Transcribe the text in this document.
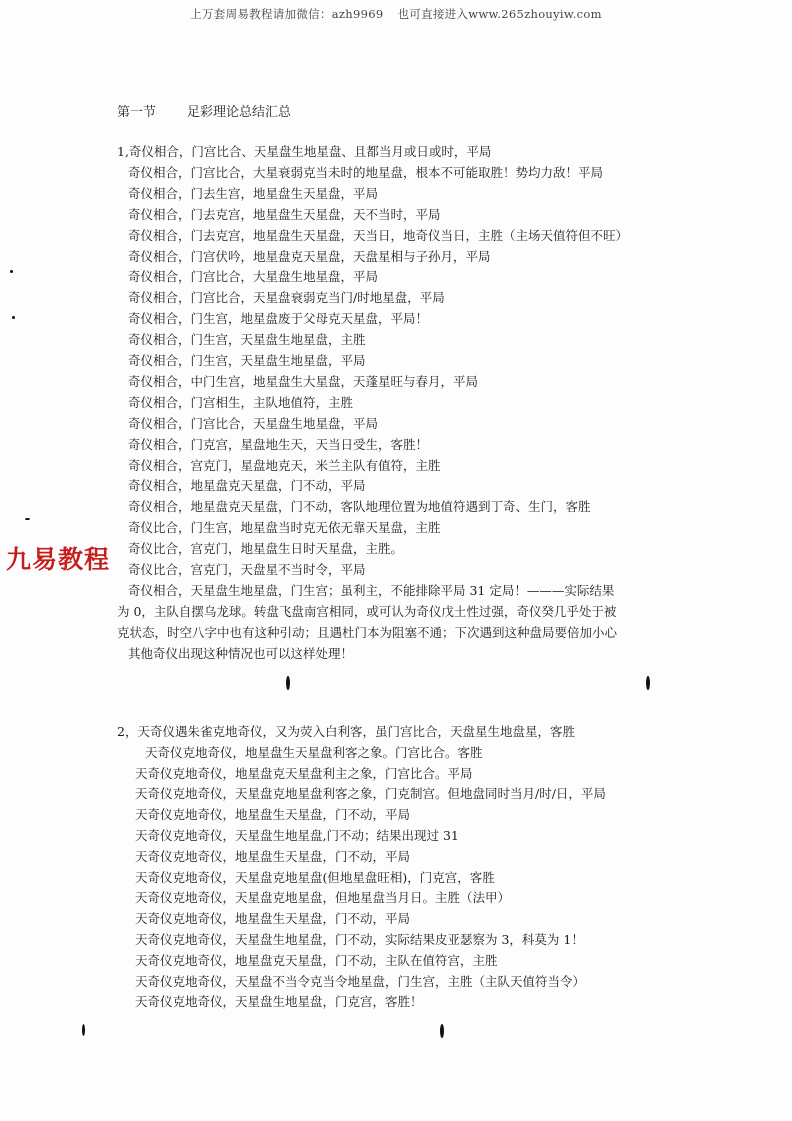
上万套周易教程请加微信：azh9969 也可直接进入www.265zhouyiw.com
第一节 足彩理论总结汇总
九易教程
1,奇仪相合，门宫比合、天星盘生地星盘、且都当月或日或时，平局
奇仪相合，门宫比合，大星衰弱克当未时的地星盘，根本不可能取胜！势均力敌！平局
奇仪相合，门去生宫，地星盘生天星盘，平局
奇仪相合，门去克宫，地星盘生天星盘，天不当时，平局
奇仪相合，门去克宫，地星盘生天星盘，天当日，地奇仪当日，主胜（主场天值符但不旺）
奇仪相合，门宫伏吟，地星盘克天星盘，天盘星相与子孙月，平局
奇仪相合，门宫比合，大星盘生地星盘，平局
奇仪相合，门宫比合，天星盘衰弱克当门/时地星盘，平局
奇仪相合，门生宫，地星盘废于父母克天星盘，平局！
奇仪相合，门生宫，天星盘生地星盘，主胜
奇仪相合，门生宫，天星盘生地星盘，平局
奇仪相合，中门生宫，地星盘生大星盘，天蓬星旺与春月，平局
奇仪相合，门宫相生，主队地值符，主胜
奇仪相合，门宫比合，天星盘生地星盘，平局
奇仪相合，门克宫，星盘地生天，天当日受生，客胜！
奇仪相合，宫克门，星盘地克天，米兰主队有值符，主胜
奇仪相合，地星盘克天星盘，门不动，平局
奇仪相合，地星盘克天星盘，门不动，客队地理位置为地值符遇到丁奇、生门，客胜
奇仪比合，门生宫，地星盘当时克无依无靠天星盘，主胜
奇仪比合，宫克门，地星盘生日时天星盘，主胜。
奇仪比合，宫克门，天盘星不当时令，平局
奇仪相合，天星盘生地星盘，门生宫；虽利主，不能排除平局 31 定局！———实际结果
为 0，主队自摆乌龙球。转盘飞盘南宫相同，或可认为奇仪戊土性过强，奇仪癸几乎处于被
克状态，时空八字中也有这种引动；且遇杜门本为阻塞不通；下次遇到这种盘局要倍加小心
其他奇仪出现这种情况也可以这样处理！
2，天奇仪遇朱雀克地奇仪，又为荧入白利客，虽门宫比合，天盘星生地盘星，客胜
天奇仪克地奇仪，地星盘生天星盘利客之象。门宫比合。客胜
天奇仪克地奇仪，地星盘克天星盘利主之象，门宫比合。平局
天奇仪克地奇仪，天星盘克地星盘利客之象，门克制宫。但地盘同时当月/时/日，平局
天奇仪克地奇仪，地星盘生天星盘，门不动，平局
天奇仪克地奇仪，天星盘生地星盘,门不动；结果出现过 31
天奇仪克地奇仪，地星盘生天星盘，门不动，平局
天奇仪克地奇仪，天星盘克地星盘(但地星盘旺相)，门克宫，客胜
天奇仪克地奇仪，天星盘克地星盘，但地星盘当月日。主胜（法甲）
天奇仪克地奇仪，地星盘生天星盘，门不动，平局
天奇仪克地奇仪，天星盘生地星盘，门不动，实际结果皮亚瑟察为 3，科莫为 1！
天奇仪克地奇仪，地星盘克天星盘，门不动，主队在值符宫，主胜
天奇仪克地奇仪，天星盘不当令克当令地星盘，门生宫，主胜（主队天值符当令）
天奇仪克地奇仪，天星盘生地星盘，门克宫，客胜！
